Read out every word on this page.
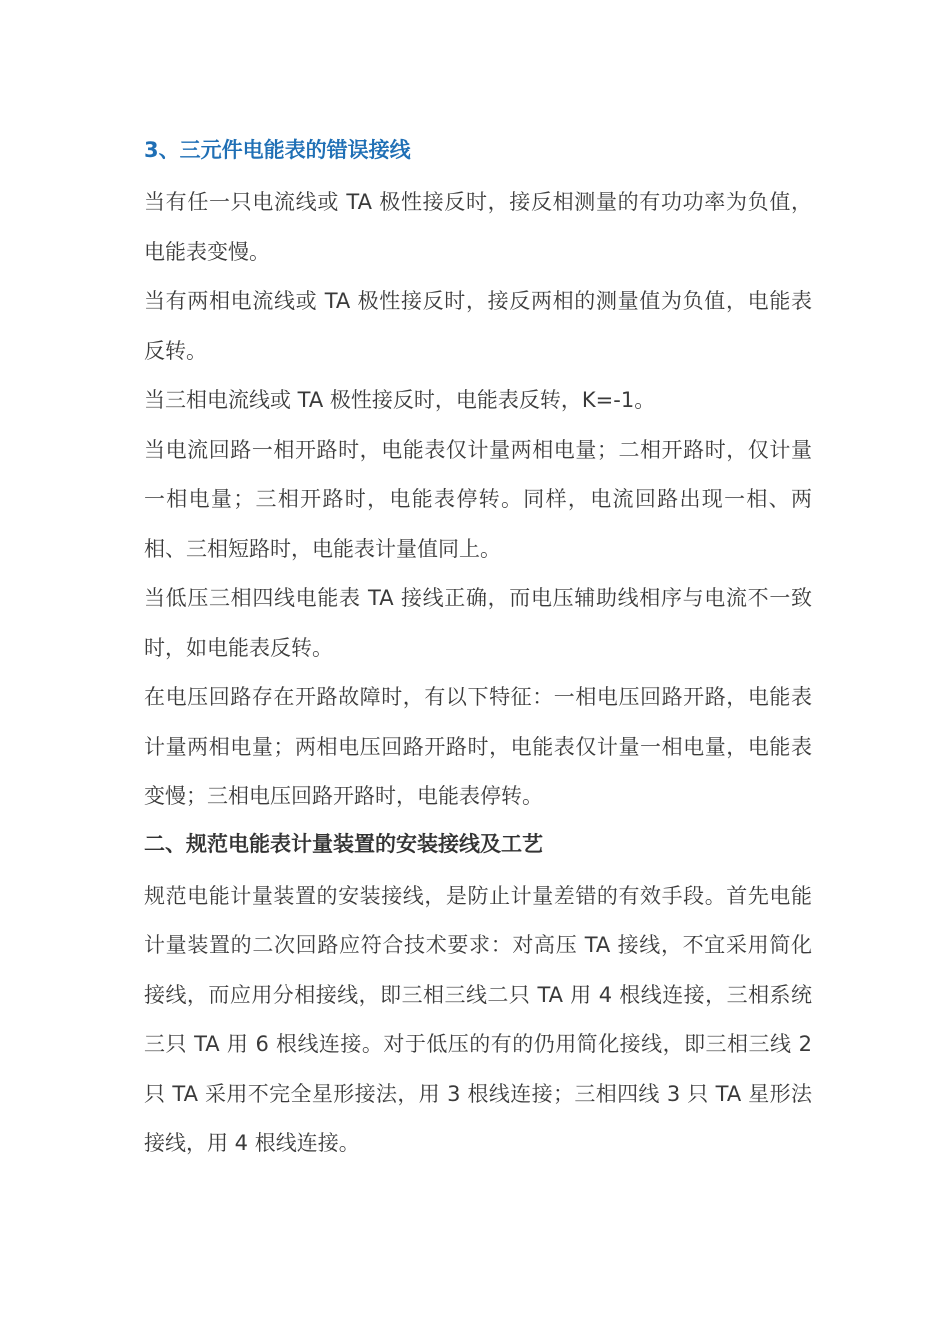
3、三元件电能表的错误接线

当有任一只电流线或 TA 极性接反时，接反相测量的有功功率为负值，电能表变慢。

当有两相电流线或 TA 极性接反时，接反两相的测量值为负值，电能表反转。

当三相电流线或 TA 极性接反时，电能表反转，K=-1。

当电流回路一相开路时，电能表仅计量两相电量；二相开路时，仅计量一相电量；三相开路时，电能表停转。同样，电流回路出现一相、两相、三相短路时，电能表计量值同上。

当低压三相四线电能表 TA 接线正确，而电压辅助线相序与电流不一致时，如电能表反转。

在电压回路存在开路故障时，有以下特征：一相电压回路开路，电能表计量两相电量；两相电压回路开路时，电能表仅计量一相电量，电能表变慢；三相电压回路开路时，电能表停转。

二、规范电能表计量装置的安装接线及工艺

规范电能计量装置的安装接线，是防止计量差错的有效手段。首先电能计量装置的二次回路应符合技术要求：对高压 TA 接线，不宜采用简化接线，而应用分相接线，即三相三线二只 TA 用 4 根线连接，三相系统三只 TA 用 6 根线连接。对于低压的有的仍用简化接线，即三相三线 2 只 TA 采用不完全星形接法，用 3 根线连接；三相四线 3 只 TA 星形法接线，用 4 根线连接。
